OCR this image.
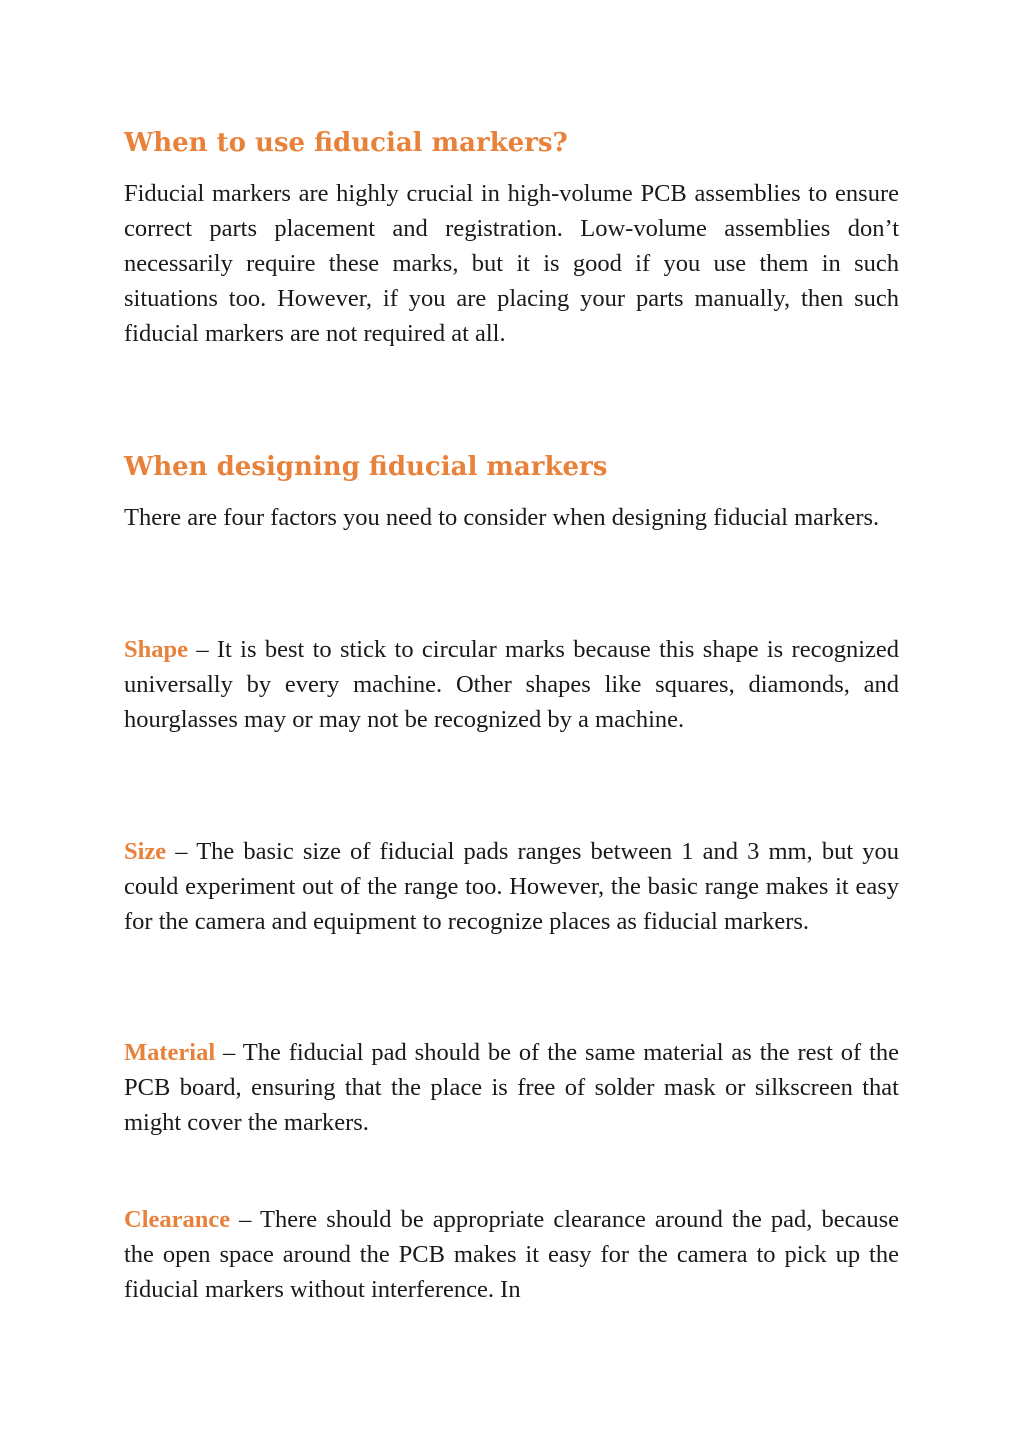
When to use fiducial markers?

Fiducial markers are highly crucial in high-volume PCB assemblies to ensure correct parts placement and registration. Low-volume assemblies don’t necessarily require these marks, but it is good if you use them in such situations too. However, if you are placing your parts manually, then such fiducial markers are not required at all.

When designing fiducial markers

There are four factors you need to consider when designing fiducial markers.

Shape – It is best to stick to circular marks because this shape is recognized universally by every machine. Other shapes like squares, diamonds, and hourglasses may or may not be recognized by a machine.

Size – The basic size of fiducial pads ranges between 1 and 3 mm, but you could experiment out of the range too. However, the basic range makes it easy for the camera and equipment to recognize places as fiducial markers.

Material – The fiducial pad should be of the same material as the rest of the PCB board, ensuring that the place is free of solder mask or silkscreen that might cover the markers.

Clearance – There should be appropriate clearance around the pad, because the open space around the PCB makes it easy for the camera to pick up the fiducial markers without interference. In
